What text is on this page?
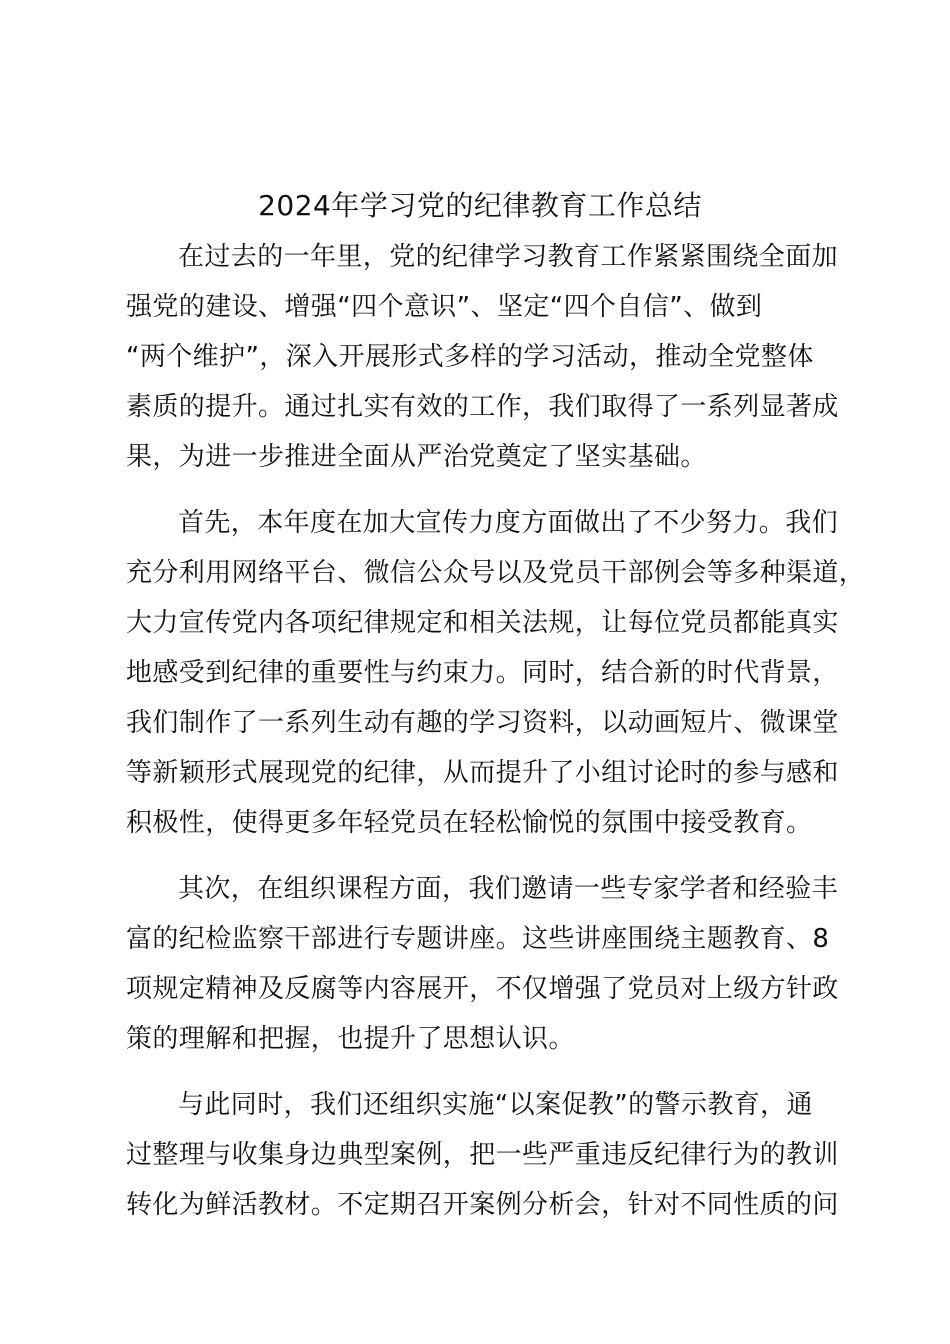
2024年学习党的纪律教育工作总结
在过去的一年里，党的纪律学习教育工作紧紧围绕全面加
强党的建设、增强“四个意识”、坚定“四个自信”、做到
“两个维护”，深入开展形式多样的学习活动，推动全党整体
素质的提升。通过扎实有效的工作，我们取得了一系列显著成
果，为进一步推进全面从严治党奠定了坚实基础。
首先，本年度在加大宣传力度方面做出了不少努力。我们
充分利用网络平台、微信公众号以及党员干部例会等多种渠道，
大力宣传党内各项纪律规定和相关法规，让每位党员都能真实
地感受到纪律的重要性与约束力。同时，结合新的时代背景，
我们制作了一系列生动有趣的学习资料，以动画短片、微课堂
等新颖形式展现党的纪律，从而提升了小组讨论时的参与感和
积极性，使得更多年轻党员在轻松愉悦的氛围中接受教育。
其次，在组织课程方面，我们邀请一些专家学者和经验丰
富的纪检监察干部进行专题讲座。这些讲座围绕主题教育、8
项规定精神及反腐等内容展开，不仅增强了党员对上级方针政
策的理解和把握，也提升了思想认识。
与此同时，我们还组织实施“以案促教”的警示教育，通
过整理与收集身边典型案例，把一些严重违反纪律行为的教训
转化为鲜活教材。不定期召开案例分析会，针对不同性质的问
